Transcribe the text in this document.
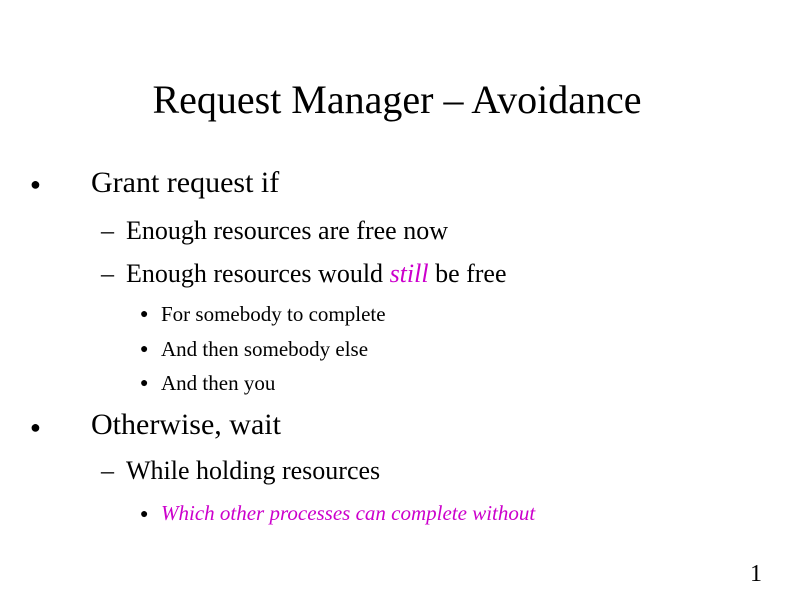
Request Manager – Avoidance
● Grant request if
– Enough resources are free now
– Enough resources would still be free
● For somebody to complete
● And then somebody else
● And then you
● Otherwise, wait
– While holding resources
● Which other processes can complete without
1
